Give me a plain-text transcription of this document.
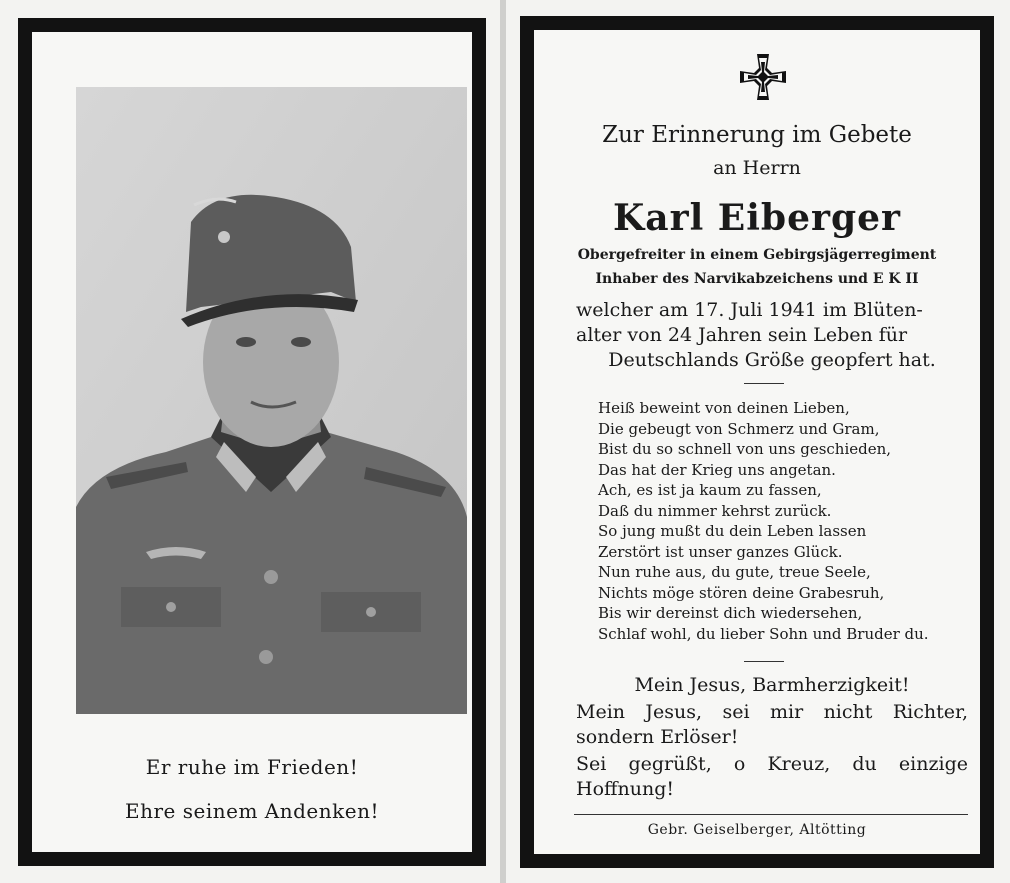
Er ruhe im Frieden!
Ehre seinem Andenken!
Zur Erinnerung im Gebete
an Herrn
Karl Eiberger
Obergefreiter in einem Gebirgsjägerregiment
Inhaber des Narvikabzeichens und E K II
welcher am 17. Juli 1941 im Blüten-
alter von 24 Jahren sein Leben für
Deutschlands Größe geopfert hat.
Heiß beweint von deinen Lieben,
Die gebeugt von Schmerz und Gram,
Bist du so schnell von uns geschieden,
Das hat der Krieg uns angetan.
Ach, es ist ja kaum zu fassen,
Daß du nimmer kehrst zurück.
So jung mußt du dein Leben lassen
Zerstört ist unser ganzes Glück.
Nun ruhe aus, du gute, treue Seele,
Nichts möge stören deine Grabesruh,
Bis wir dereinst dich wiedersehen,
Schlaf wohl, du lieber Sohn und Bruder du.
Mein Jesus, Barmherzigkeit!
Mein Jesus, sei mir nicht Richter, sondern Erlöser!
Sei gegrüßt, o Kreuz, du einzige Hoffnung!
Gebr. Geiselberger, Altötting
